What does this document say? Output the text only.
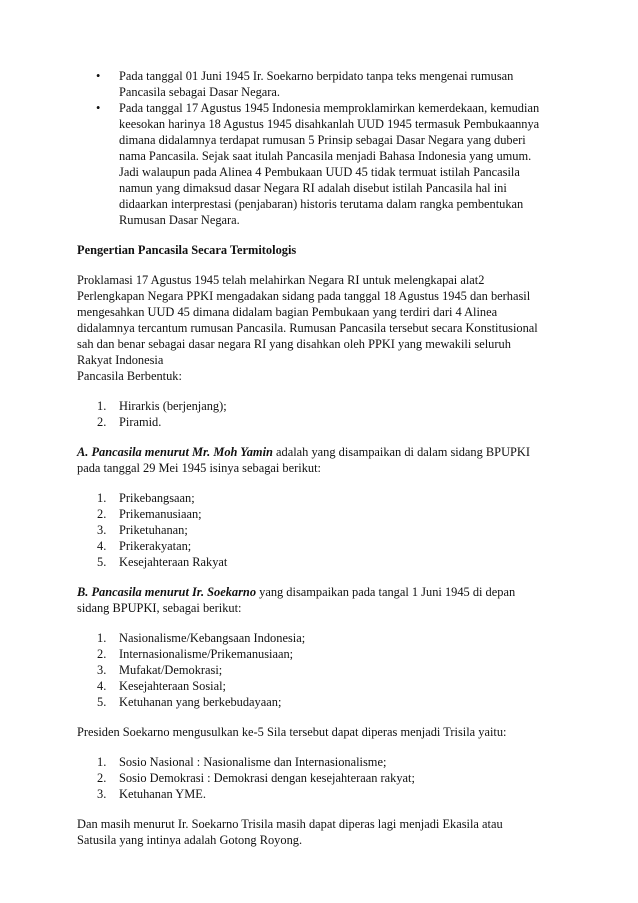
• Pada tanggal 01 Juni 1945 Ir. Soekarno berpidato tanpa teks mengenai rumusan
Pancasila sebagai Dasar Negara.
• Pada tanggal 17 Agustus 1945 Indonesia memproklamirkan kemerdekaan, kemudian
keesokan harinya 18 Agustus 1945 disahkanlah UUD 1945 termasuk Pembukaannya
dimana didalamnya terdapat rumusan 5 Prinsip sebagai Dasar Negara yang duberi
nama Pancasila. Sejak saat itulah Pancasila menjadi Bahasa Indonesia yang umum.
Jadi walaupun pada Alinea 4 Pembukaan UUD 45 tidak termuat istilah Pancasila
namun yang dimaksud dasar Negara RI adalah disebut istilah Pancasila hal ini
didaarkan interprestasi (penjabaran) historis terutama dalam rangka pembentukan
Rumusan Dasar Negara.
Pengertian Pancasila Secara Termitologis
Proklamasi 17 Agustus 1945 telah melahirkan Negara RI untuk melengkapai alat2
Perlengkapan Negara PPKI mengadakan sidang pada tanggal 18 Agustus 1945 dan berhasil
mengesahkan UUD 45 dimana didalam bagian Pembukaan yang terdiri dari 4 Alinea
didalamnya tercantum rumusan Pancasila. Rumusan Pancasila tersebut secara Konstitusional
sah dan benar sebagai dasar negara RI yang disahkan oleh PPKI yang mewakili seluruh
Rakyat Indonesia
Pancasila Berbentuk:
1. Hirarkis (berjenjang);
2. Piramid.
A. Pancasila menurut Mr. Moh Yamin adalah yang disampaikan di dalam sidang BPUPKI
pada tanggal 29 Mei 1945 isinya sebagai berikut:
1. Prikebangsaan;
2. Prikemanusiaan;
3. Priketuhanan;
4. Prikerakyatan;
5. Kesejahteraan Rakyat
B. Pancasila menurut Ir. Soekarno yang disampaikan pada tangal 1 Juni 1945 di depan
sidang BPUPKI, sebagai berikut:
1. Nasionalisme/Kebangsaan Indonesia;
2. Internasionalisme/Prikemanusiaan;
3. Mufakat/Demokrasi;
4. Kesejahteraan Sosial;
5. Ketuhanan yang berkebudayaan;
Presiden Soekarno mengusulkan ke-5 Sila tersebut dapat diperas menjadi Trisila yaitu:
1. Sosio Nasional : Nasionalisme dan Internasionalisme;
2. Sosio Demokrasi : Demokrasi dengan kesejahteraan rakyat;
3. Ketuhanan YME.
Dan masih menurut Ir. Soekarno Trisila masih dapat diperas lagi menjadi Ekasila atau
Satusila yang intinya adalah Gotong Royong.
